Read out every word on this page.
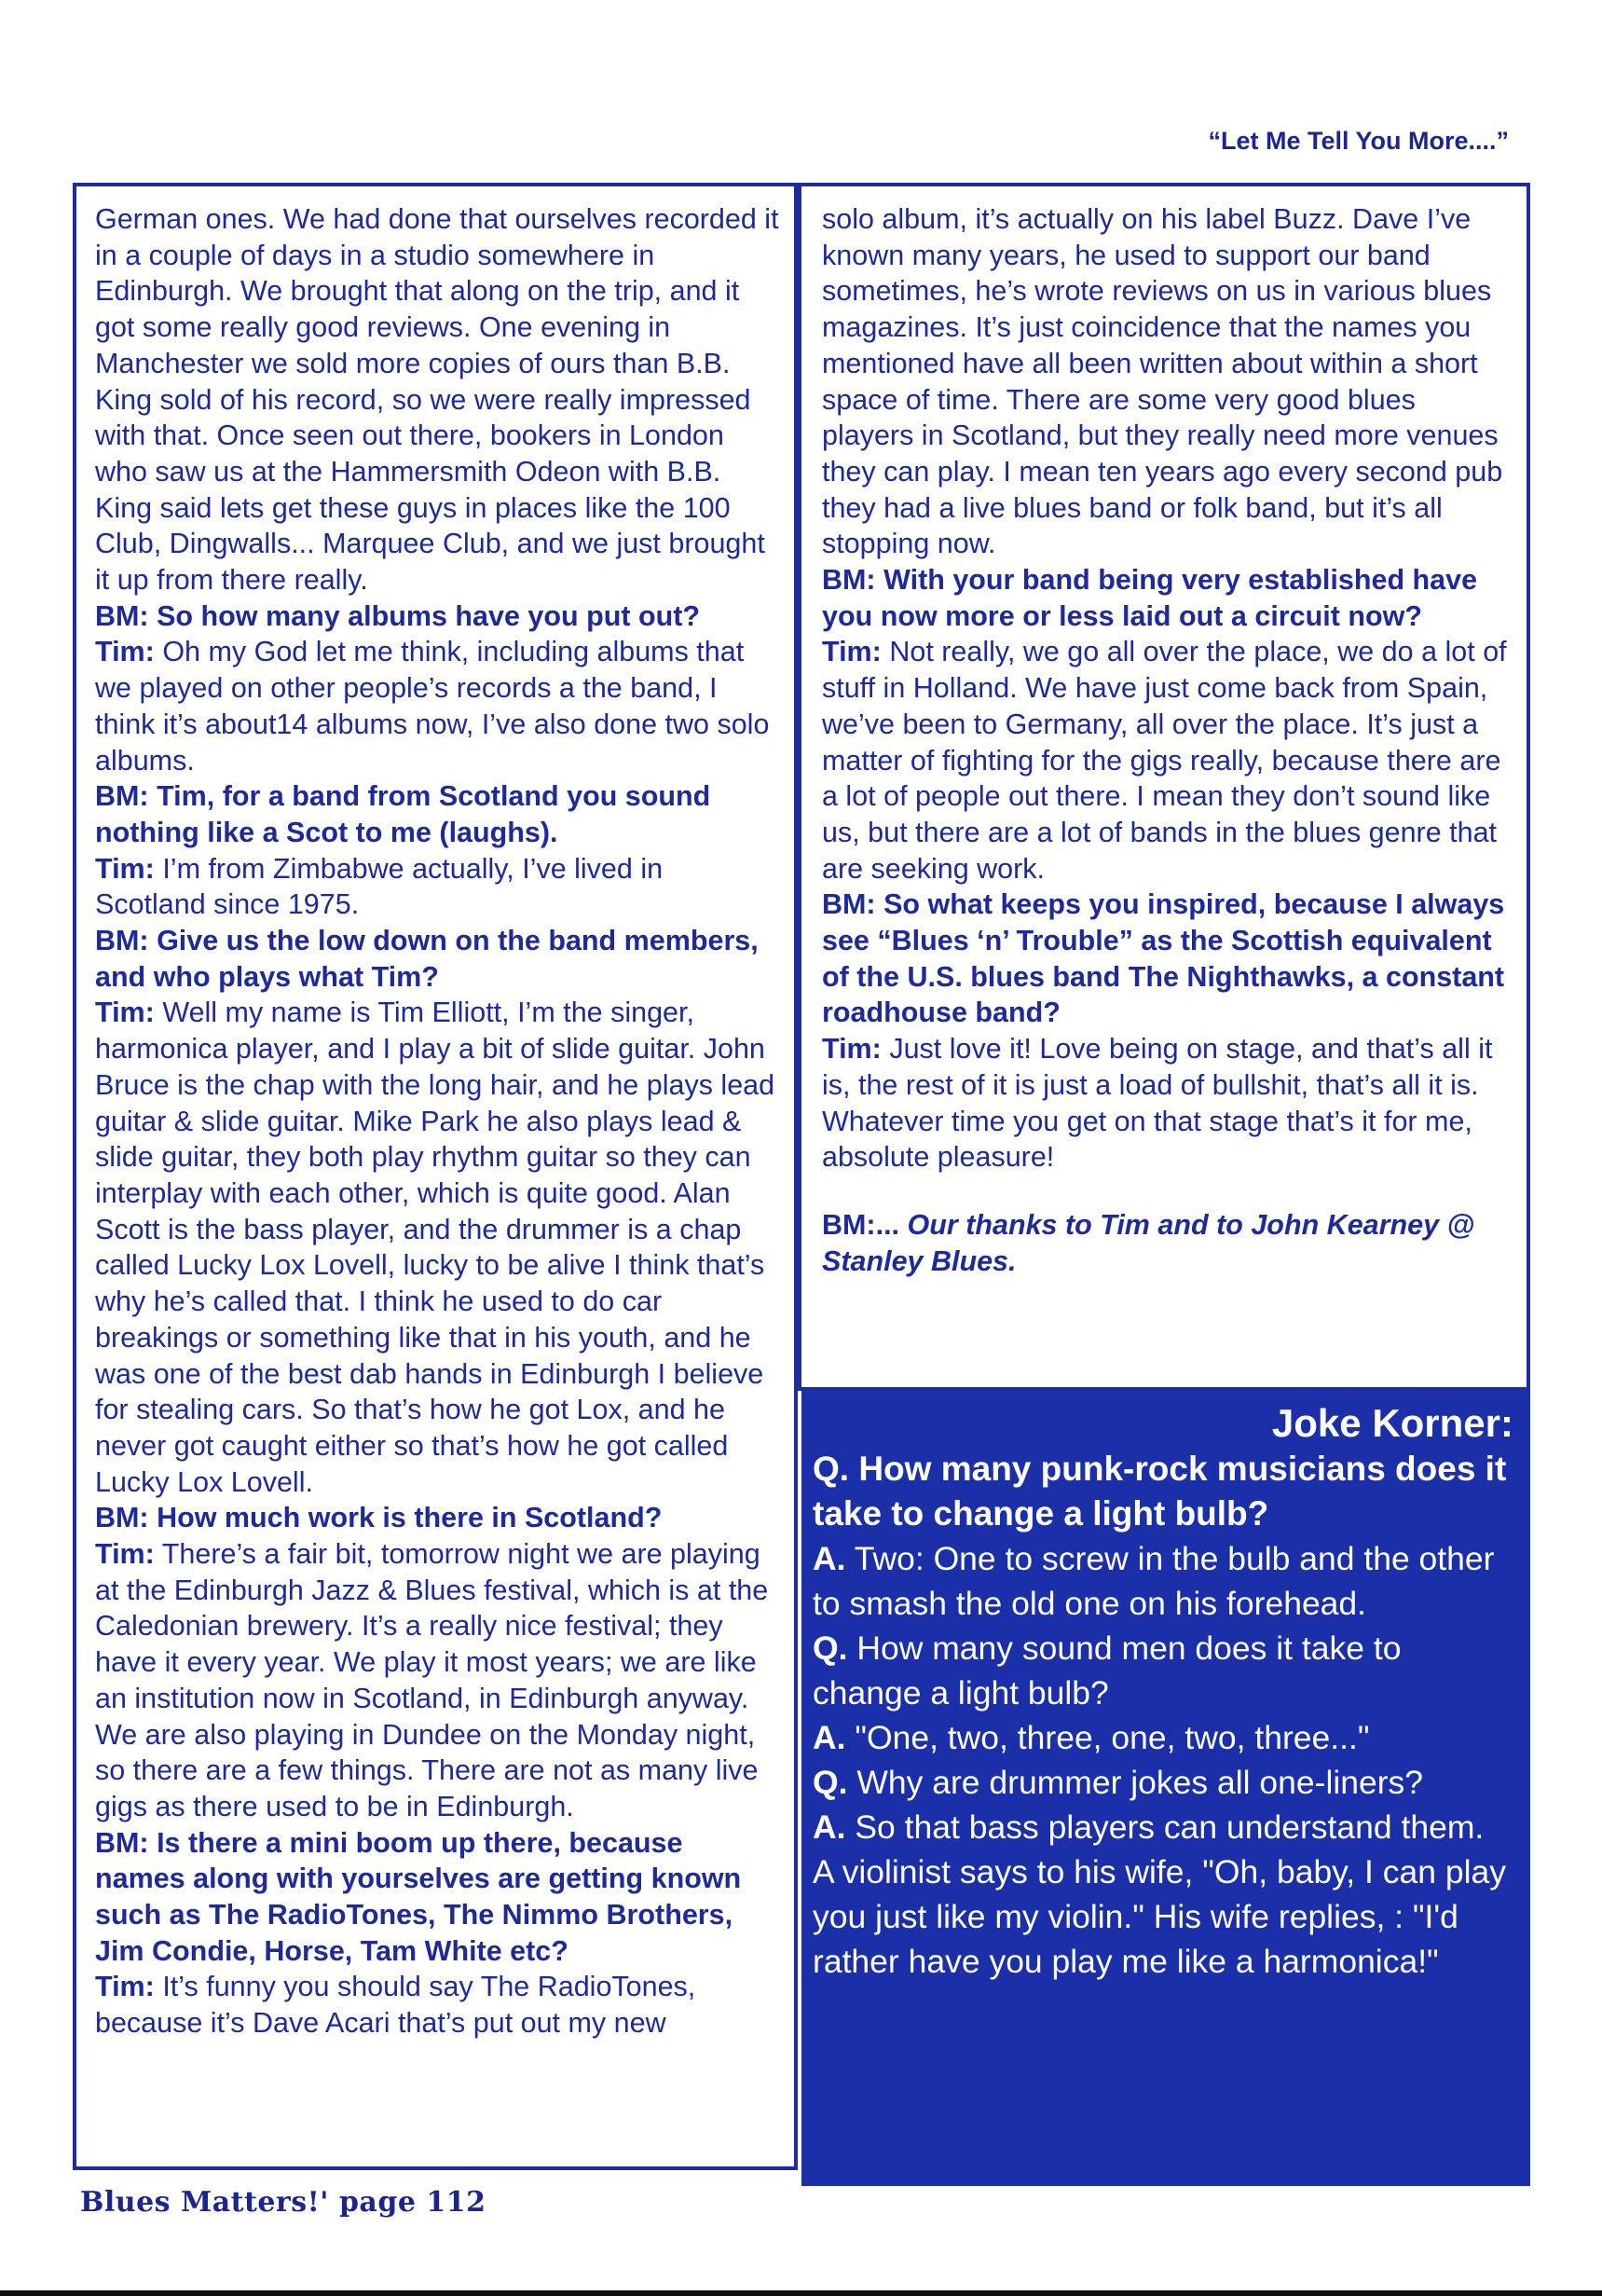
“Let Me Tell You More....”

German ones. We had done that ourselves recorded it in a couple of days in a studio somewhere in Edinburgh. We brought that along on the trip, and it got some really good reviews. One evening in Manchester we sold more copies of ours than B.B. King sold of his record, so we were really impressed with that. Once seen out there, bookers in London who saw us at the Hammersmith Odeon with B.B. King said lets get these guys in places like the 100 Club, Dingwalls... Marquee Club, and we just brought it up from there really.

BM: So how many albums have you put out?

Tim: Oh my God let me think, including albums that we played on other people’s records a the band, I think it’s about14 albums now, I’ve also done two solo albums.

BM: Tim, for a band from Scotland you sound nothing like a Scot to me (laughs).

Tim: I’m from Zimbabwe actually, I’ve lived in Scotland since 1975.

BM: Give us the low down on the band members, and who plays what Tim?

Tim: Well my name is Tim Elliott, I’m the singer, harmonica player, and I play a bit of slide guitar. John Bruce is the chap with the long hair, and he plays lead guitar & slide guitar. Mike Park he also plays lead & slide guitar, they both play rhythm guitar so they can interplay with each other, which is quite good. Alan Scott is the bass player, and the drummer is a chap called Lucky Lox Lovell, lucky to be alive I think that’s why he’s called that. I think he used to do car breakings or something like that in his youth, and he was one of the best dab hands in Edinburgh I believe for stealing cars. So that’s how he got Lox, and he never got caught either so that’s how he got called Lucky Lox Lovell.

BM: How much work is there in Scotland?

Tim: There’s a fair bit, tomorrow night we are playing at the Edinburgh Jazz & Blues festival, which is at the Caledonian brewery. It’s a really nice festival; they have it every year. We play it most years; we are like an institution now in Scotland, in Edinburgh anyway. We are also playing in Dundee on the Monday night, so there are a few things. There are not as many live gigs as there used to be in Edinburgh.

BM: Is there a mini boom up there, because names along with yourselves are getting known such as The RadioTones, The Nimmo Brothers, Jim Condie, Horse, Tam White etc?

Tim: It’s funny you should say The RadioTones, because it’s Dave Acari that’s put out my new

solo album, it’s actually on his label Buzz. Dave I’ve known many years, he used to support our band sometimes, he’s wrote reviews on us in various blues magazines. It’s just coincidence that the names you mentioned have all been written about within a short space of time. There are some very good blues players in Scotland, but they really need more venues they can play. I mean ten years ago every second pub they had a live blues band or folk band, but it’s all stopping now.

BM: With your band being very established have you now more or less laid out a circuit now?

Tim: Not really, we go all over the place, we do a lot of stuff in Holland. We have just come back from Spain, we’ve been to Germany, all over the place. It’s just a matter of fighting for the gigs really, because there are a lot of people out there. I mean they don’t sound like us, but there are a lot of bands in the blues genre that are seeking work.

BM: So what keeps you inspired, because I always see “Blues ‘n’ Trouble” as the Scottish equivalent of the U.S. blues band The Nighthawks, a constant roadhouse band?

Tim: Just love it! Love being on stage, and that’s all it is, the rest of it is just a load of bullshit, that’s all it is. Whatever time you get on that stage that’s it for me, absolute pleasure!

BM:... Our thanks to Tim and to John Kearney @ Stanley Blues.

Joke Korner:

Q. How many punk-rock musicians does it take to change a light bulb?

A. Two: One to screw in the bulb and the other to smash the old one on his forehead.

Q. How many sound men does it take to change a light bulb?

A. "One, two, three, one, two, three..."

Q. Why are drummer jokes all one-liners?

A. So that bass players can understand them.

A violinist says to his wife, "Oh, baby, I can play you just like my violin." His wife replies, : "I'd rather have you play me like a harmonica!"

Blues Matters!' page 112
